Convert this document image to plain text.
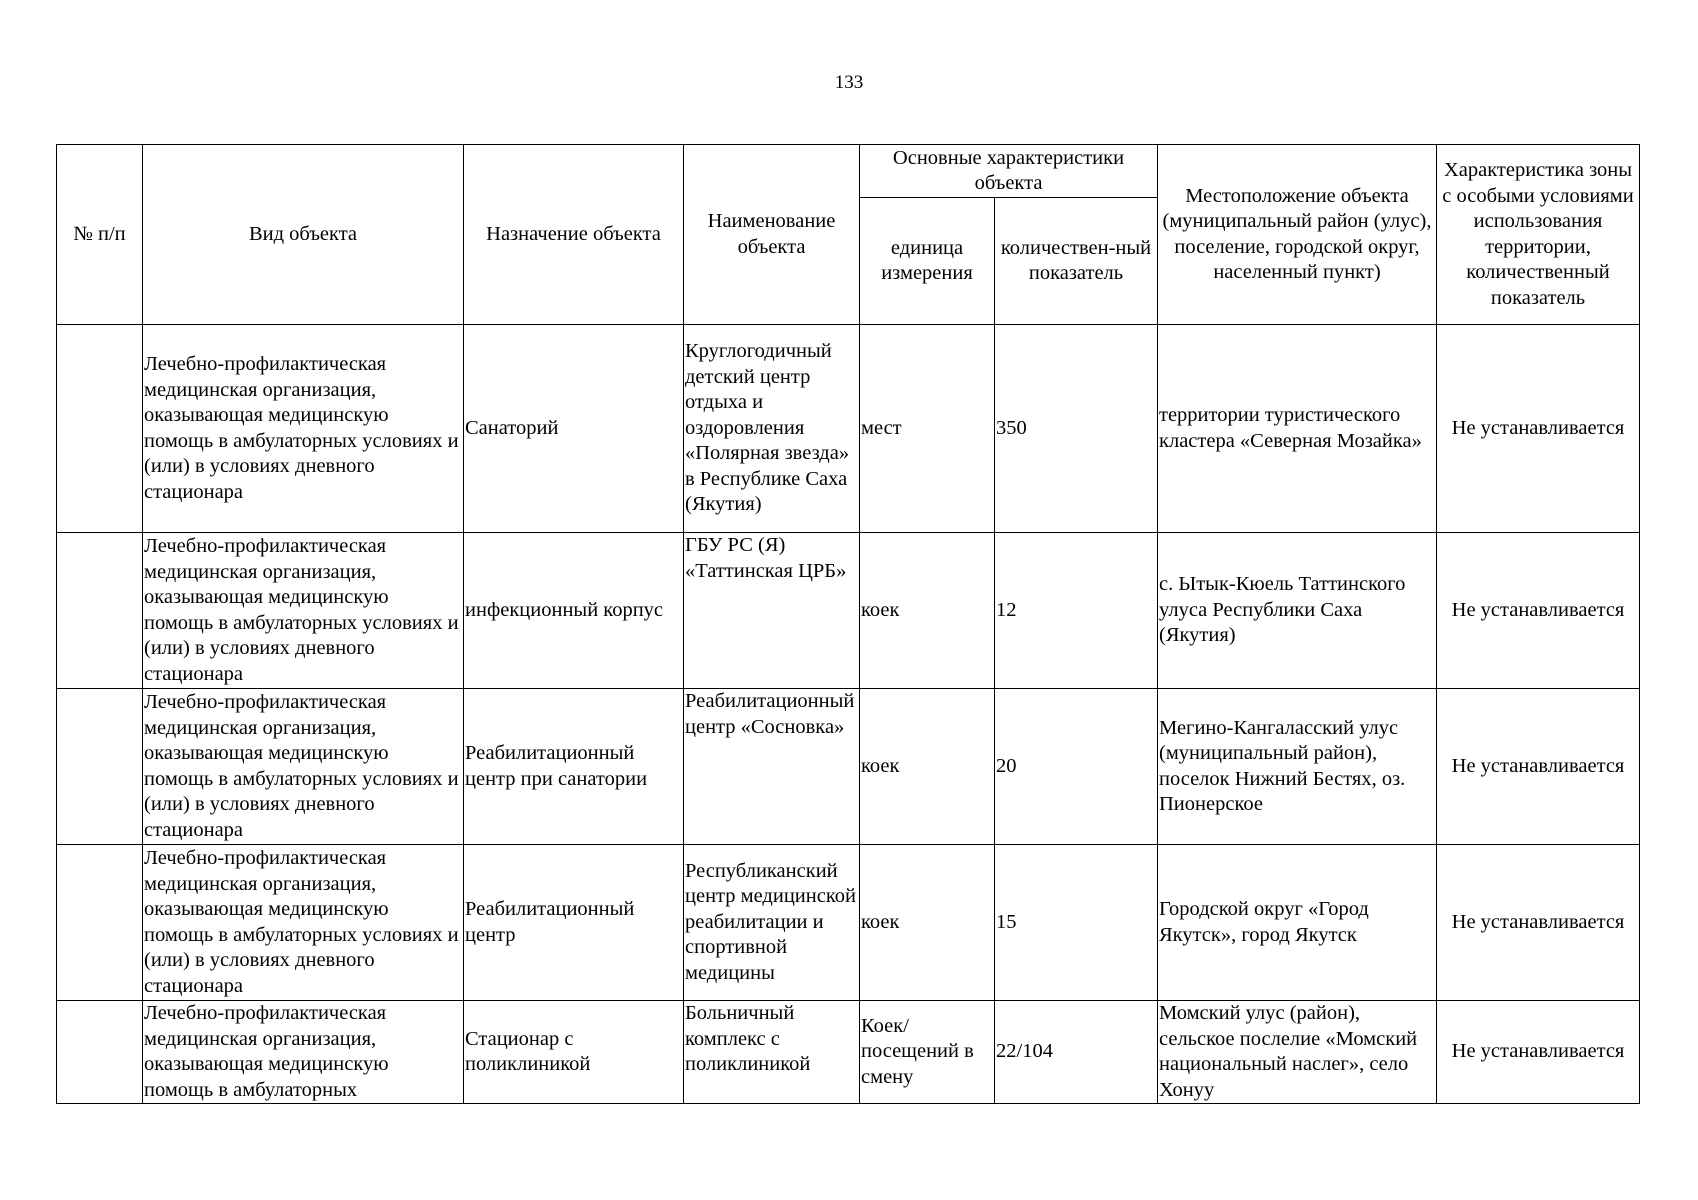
133
№ п/п	Вид объекта	Назначение объекта	Наименование объекта	Основные характеристики объекта		Местоположение объекта (муниципальный район (улус), поселение, городской округ, населенный пункт)	Характеристика зоны с особыми условиями использования территории, количественный показатель
				единица измерения	количествен-ный показатель		
	Лечебно-профилактическая медицинская организация, оказывающая медицинскую помощь в амбулаторных условиях и (или) в условиях дневного стационара	Санаторий	Круглогодичный детский центр отдыха и оздоровления «Полярная звезда» в Республике Саха (Якутия)	мест	350	территории туристического кластера «Северная Мозайка»	Не устанавливается
	Лечебно-профилактическая медицинская организация, оказывающая медицинскую помощь в амбулаторных условиях и (или) в условиях дневного стационара	инфекционный корпус	ГБУ РС (Я) «Таттинская ЦРБ»	коек	12	с. Ытык-Кюель Таттинского улуса Республики Саха (Якутия)	Не устанавливается
	Лечебно-профилактическая медицинская организация, оказывающая медицинскую помощь в амбулаторных условиях и (или) в условиях дневного стационара	Реабилитационный центр при санатории	Реабилитационный центр «Сосновка»	коек	20	Мегино-Кангаласский улус (муниципальный район), поселок Нижний Бестях, оз. Пионерское	Не устанавливается
	Лечебно-профилактическая медицинская организация, оказывающая медицинскую помощь в амбулаторных условиях и (или) в условиях дневного стационара	Реабилитационный центр	Республиканский центр медицинской реабилитации и спортивной медицины	коек	15	Городской округ «Город Якутск», город Якутск	Не устанавливается
	Лечебно-профилактическая медицинская организация, оказывающая медицинскую помощь в амбулаторных	Стационар с поликлиникой	Больничный комплекс с поликлиникой	Коек/посещений в смену	22/104	Момский улус (район), сельское послелие «Момский национальный наслег», село Хонуу	Не устанавливается
